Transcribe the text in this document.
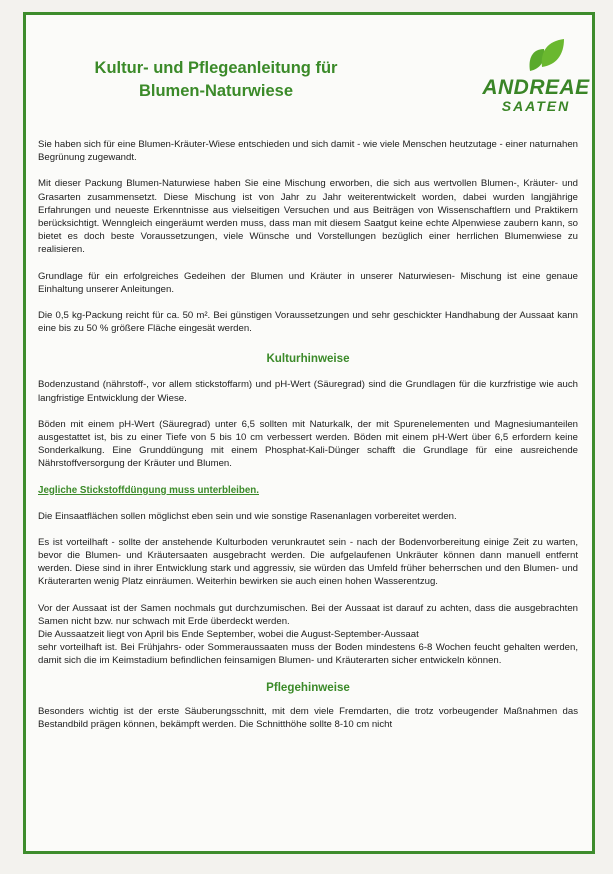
Kultur- und Pflegeanleitung für
Blumen-Naturwiese	ANDREAE
SAATEN

Sie haben sich für eine Blumen-Kräuter-Wiese entschieden und sich damit - wie viele Menschen heutzutage - einer naturnahen Begrünung zugewandt.

Mit dieser Packung Blumen-Naturwiese haben Sie eine Mischung erworben, die sich aus wertvollen Blumen-, Kräuter- und Grasarten zusammensetzt. Diese Mischung ist von Jahr zu Jahr weiterentwickelt worden, dabei wurden langjährige Erfahrungen und neueste Erkenntnisse aus vielseitigen Versuchen und aus Beiträgen von Wissenschaftlern und Praktikern berücksichtigt. Wenngleich eingeräumt werden muss, dass man mit diesem Saatgut keine echte Alpenwiese zaubern kann, so bietet es doch beste Voraussetzungen, viele Wünsche und Vorstellungen bezüglich einer herrlichen Blumenwiese zu realisieren.

Grundlage für ein erfolgreiches Gedeihen der Blumen und Kräuter in unserer Naturwiesen- Mischung ist eine genaue Einhaltung unserer Anleitungen.

Die 0,5 kg-Packung reicht für ca. 50 m². Bei günstigen Voraussetzungen und sehr geschickter Handhabung der Aussaat kann eine bis zu 50 % größere Fläche eingesät werden.

Kulturhinweise

Bodenzustand (nährstoff-, vor allem stickstoffarm) und pH-Wert (Säuregrad) sind die Grundlagen für die kurzfristige wie auch langfristige Entwicklung der Wiese.

Böden mit einem pH-Wert (Säuregrad) unter 6,5 sollten mit Naturkalk, der mit Spurenelementen und Magnesiumanteilen ausgestattet ist, bis zu einer Tiefe von 5 bis 10 cm verbessert werden. Böden mit einem pH-Wert über 6,5 erfordern keine Sonderkalkung. Eine Grunddüngung mit einem Phosphat-Kali-Dünger schafft die Grundlage für eine ausreichende Nährstoffversorgung der Kräuter und Blumen.

Jegliche Stickstoffdüngung muss unterbleiben.

Die Einsaatflächen sollen möglichst eben sein und wie sonstige Rasenanlagen vorbereitet werden.

Es ist vorteilhaft - sollte der anstehende Kulturboden verunkrautet sein - nach der Bodenvorbereitung einige Zeit zu warten, bevor die Blumen- und Kräutersaaten ausgebracht werden. Die aufgelaufenen Unkräuter können dann manuell entfernt werden. Diese sind in ihrer Entwicklung stark und aggressiv, sie würden das Umfeld früher beherrschen und den Blumen- und Kräuterarten wenig Platz einräumen. Weiterhin bewirken sie auch einen hohen Wasserentzug.

Vor der Aussaat ist der Samen nochmals gut durchzumischen. Bei der Aussaat ist darauf zu achten, dass die ausgebrachten Samen nicht bzw. nur schwach mit Erde überdeckt werden.

Die Aussaatzeit liegt von April bis Ende September, wobei die August-September-Aussaat

sehr vorteilhaft ist. Bei Frühjahrs- oder Sommeraussaaten muss der Boden mindestens 6-8 Wochen feucht gehalten werden, damit sich die im Keimstadium befindlichen feinsamigen Blumen- und Kräuterarten sicher entwickeln können.

Pflegehinweise

Besonders wichtig ist der erste Säuberungsschnitt, mit dem viele Fremdarten, die trotz vorbeugender Maßnahmen das Bestandbild prägen können, bekämpft werden. Die Schnitthöhe sollte 8-10 cm nicht
